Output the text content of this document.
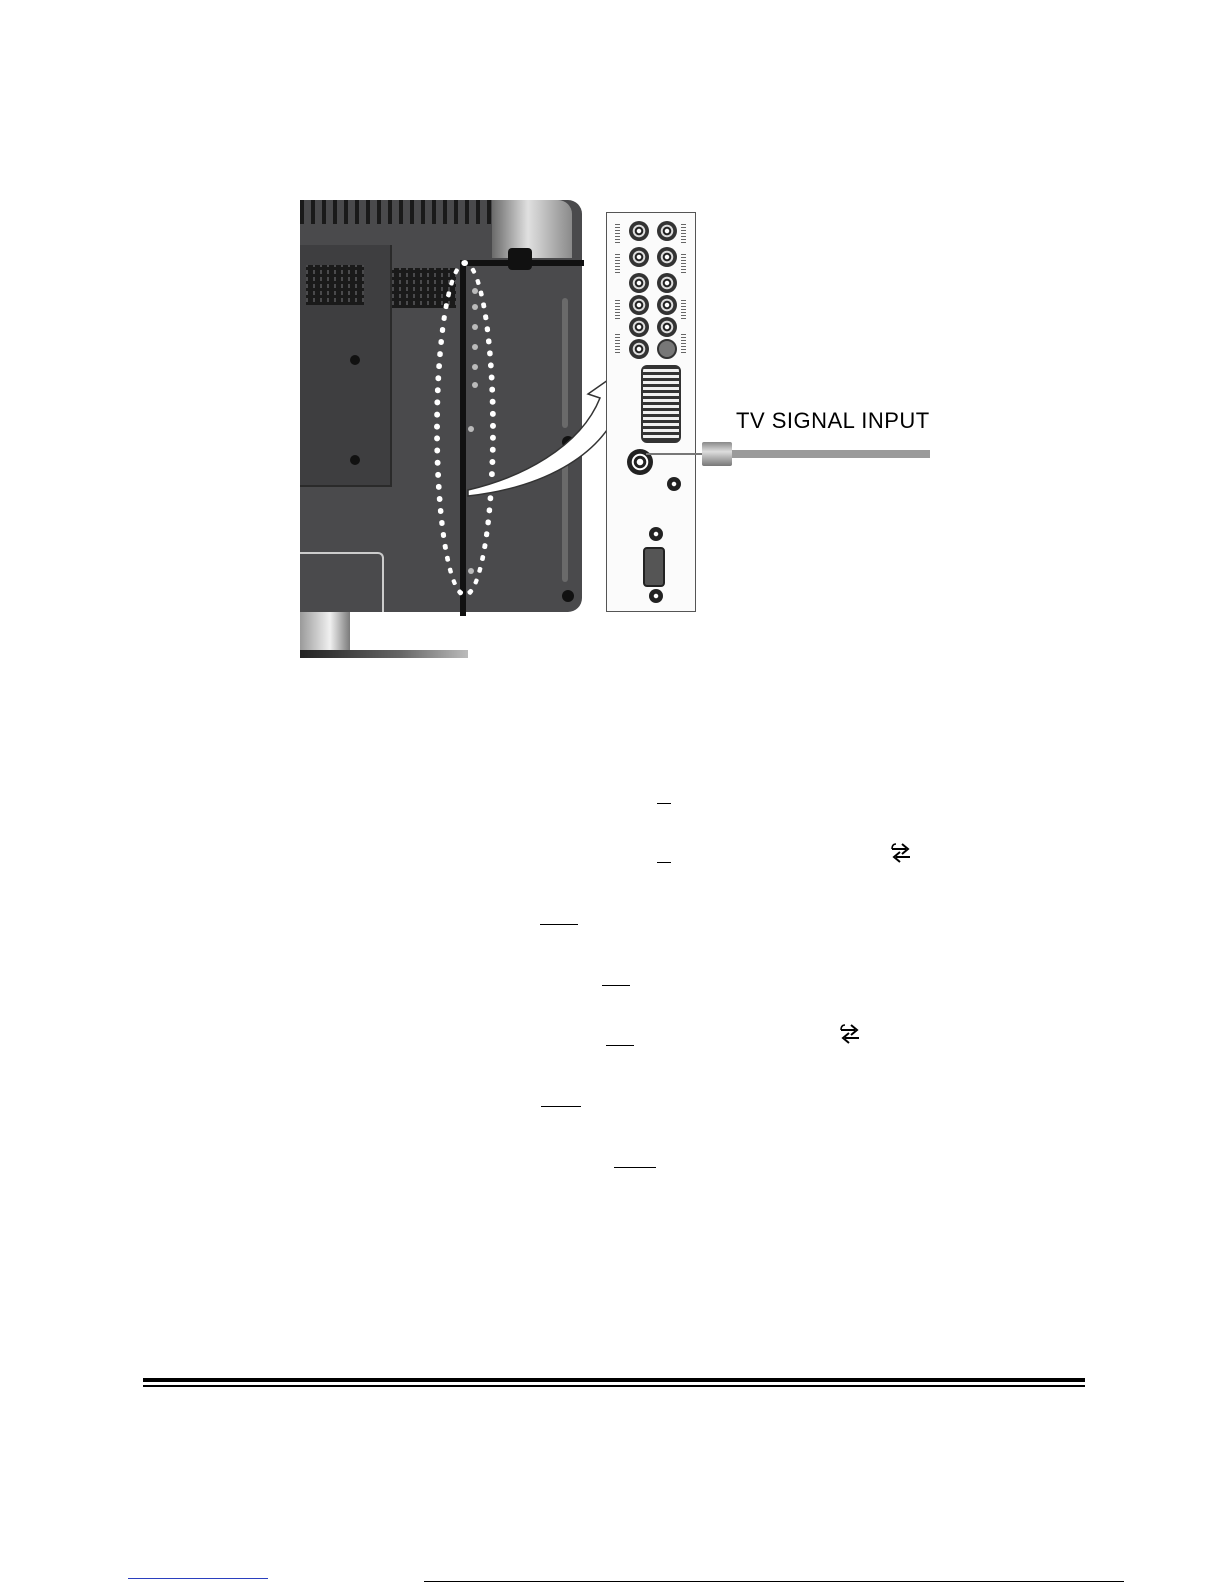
TV SIGNAL INPUT
